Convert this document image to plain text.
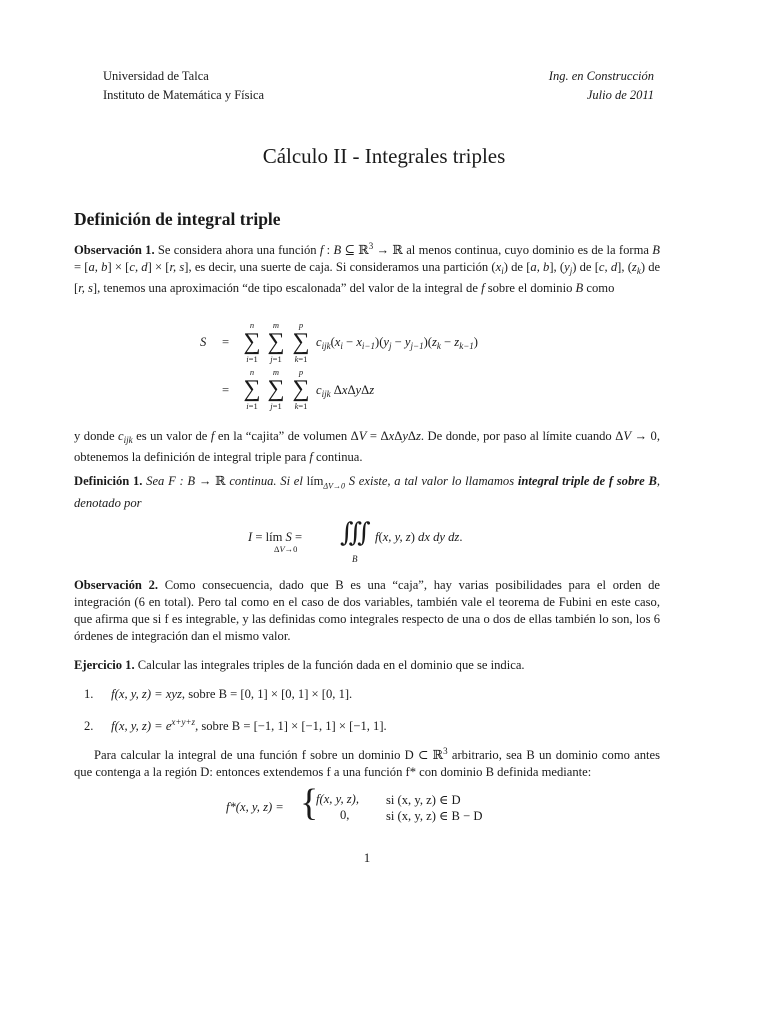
Universidad de Talca
Instituto de Matemática y Física
Ing. en Construcción
Julio de 2011
Cálculo II - Integrales triples
Definición de integral triple
Observación 1. Se considera ahora una función f : B ⊆ ℝ$^3$ → ℝ al menos continua, cuyo dominio es de la forma B = [a, b] × [c, d] × [r, s], es decir, una suerte de caja. Si consideramos una partición $(x_i)$ de [a, b], $(y_j)$ de [c, d], $(z_k)$ de [r, s], tenemos una aproximación “de tipo escalonada” del valor de la integral de f sobre el dominio B como
S =
n
∑
i=1
m
∑
j=1
p
∑
k=1
$c_{ijk}(x_i - x_{i-1})(y_j - y_{j-1})(z_k - z_{k-1})$
=
n
∑
i=1
m
∑
j=1
p
∑
k=1
$c_{ijk}$ ΔxΔyΔz
y donde $c_{ijk}$ es un valor de f en la “cajita” de volumen ΔV = ΔxΔyΔz. De donde, por paso al límite cuando ΔV → 0, obtenemos la definición de integral triple para f continua.
Definición 1. Sea F : B → ℝ continua. Si el lím$_{\Delta V\to 0}$ S existe, a tal valor lo llamamos integral triple de f sobre B, denotado por
I = lím S =
ΔV→0
∭
B
f(x, y, z) dx dy dz.
Observación 2. Como consecuencia, dado que B es una “caja”, hay varias posibilidades para el orden de integración (6 en total). Pero tal como en el caso de dos variables, también vale el teorema de Fubini en este caso, que afirma que si f es integrable, y las definidas como integrales respecto de una o dos de ellas también lo son, los 6 órdenes de integración dan el mismo valor.
Ejercicio 1. Calcular las integrales triples de la función dada en el dominio que se indica.
1. f(x, y, z) = xyz, sobre B = [0, 1] × [0, 1] × [0, 1].
2. f(x, y, $z) = e^{x+y+z}$, sobre B = [−1, 1] × [−1, 1] × [−1, 1].
Para calcular la integral de una función f sobre un dominio D ⊂ ℝ$^3$ arbitrario, sea B un dominio como antes que contenga a la región D: entonces extendemos f a una función f* con dominio B definida mediante:
f*(x, y, z) = {
f(x, y, z), si (x, y, z) ∈ D
0,	si (x, y, z) ∈ B − D
1
